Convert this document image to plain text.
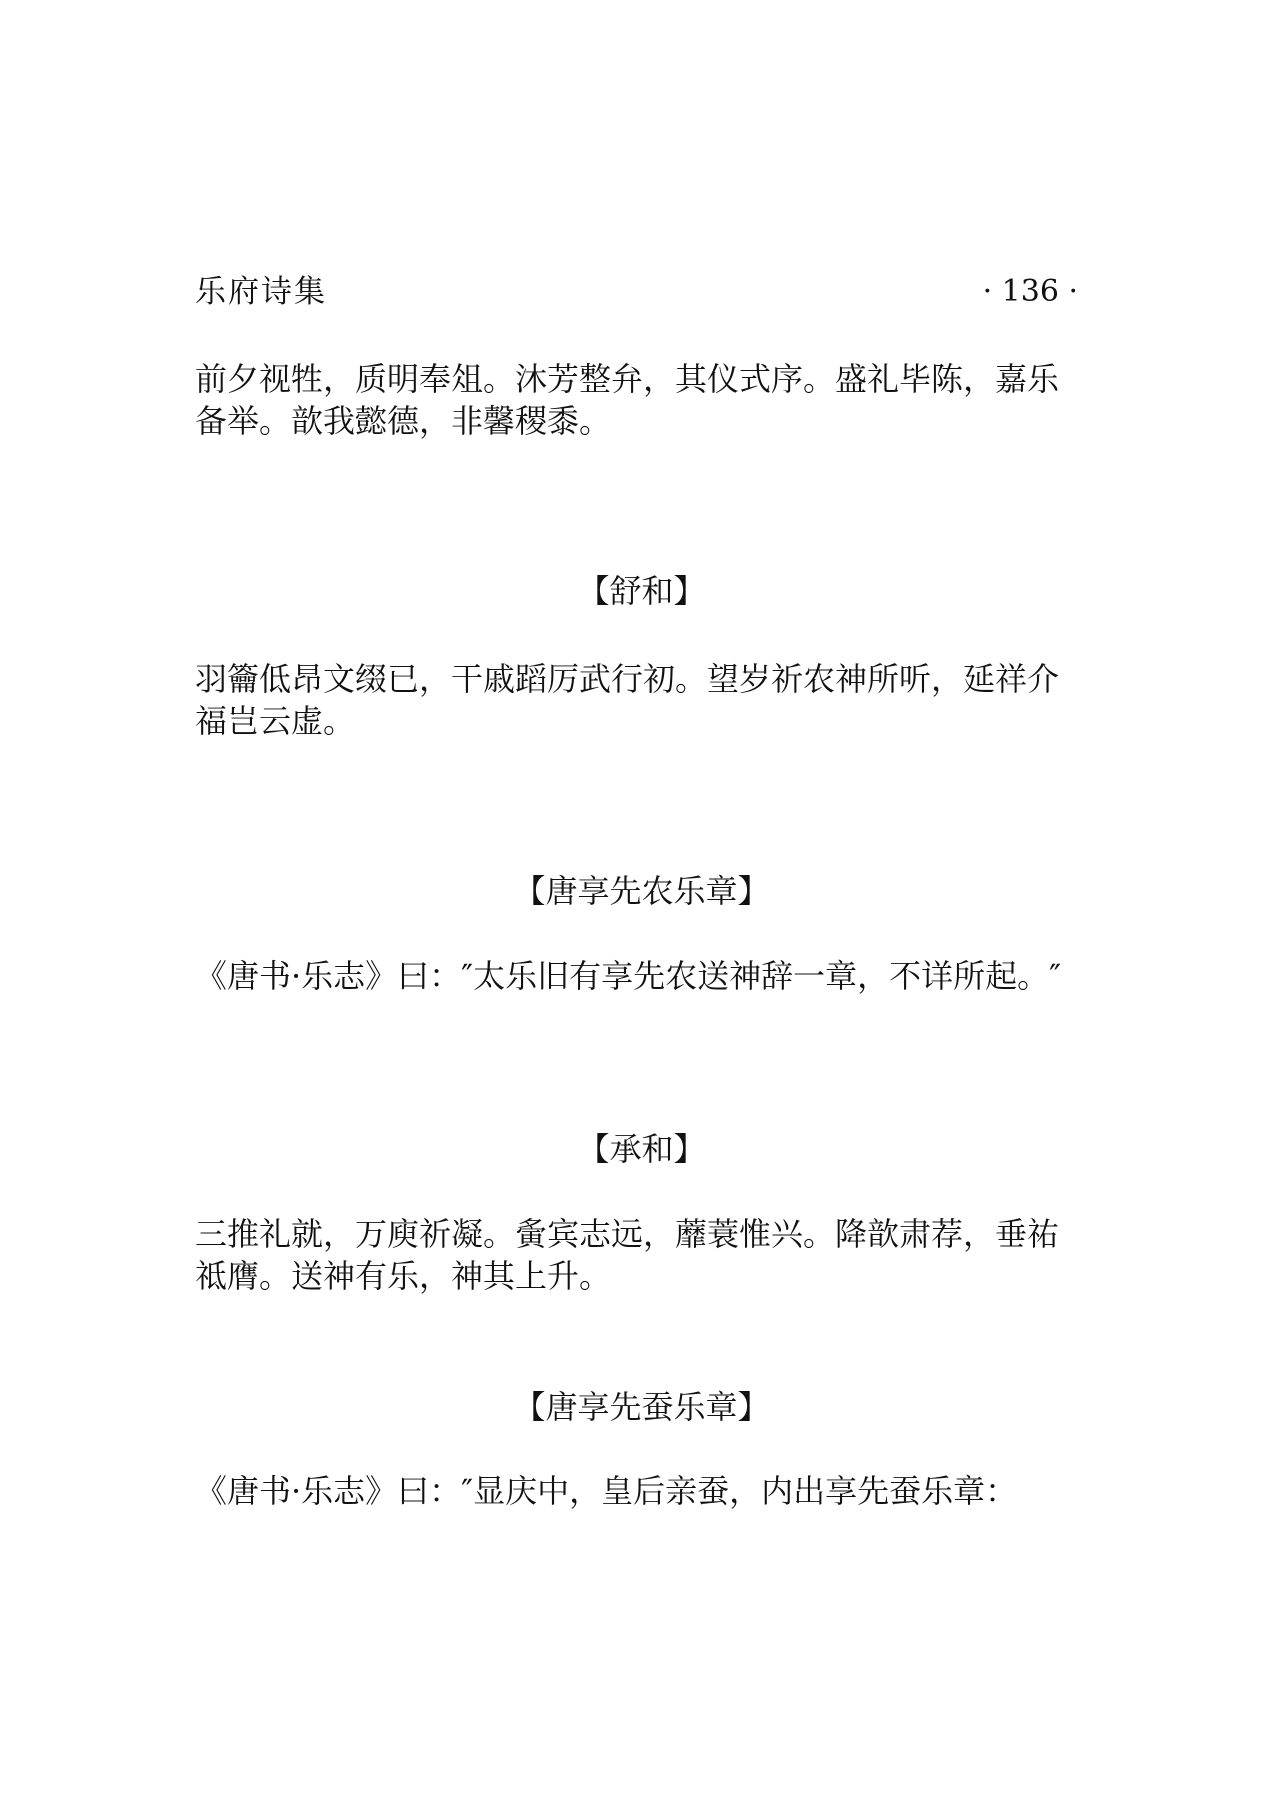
乐府诗集	· 136 ·

前夕视牲，质明奉俎。沐芳整弁，其仪式序。盛礼毕陈，嘉乐
备举。歆我懿德，非馨稷黍。

【舒和】

羽籥低昂文缀已，干戚蹈厉武行初。望岁祈农神所听，延祥介
福岂云虚。

【唐享先农乐章】

《唐书·乐志》曰：″太乐旧有享先农送神辞一章，不详所起。″

【承和】

三推礼就，万庾祈凝。夤宾志远，蘼蓑惟兴。降歆肃荐，垂祐
祗膺。送神有乐，神其上升。

【唐享先蚕乐章】

《唐书·乐志》曰：″显庆中，皇后亲蚕，内出享先蚕乐章：
